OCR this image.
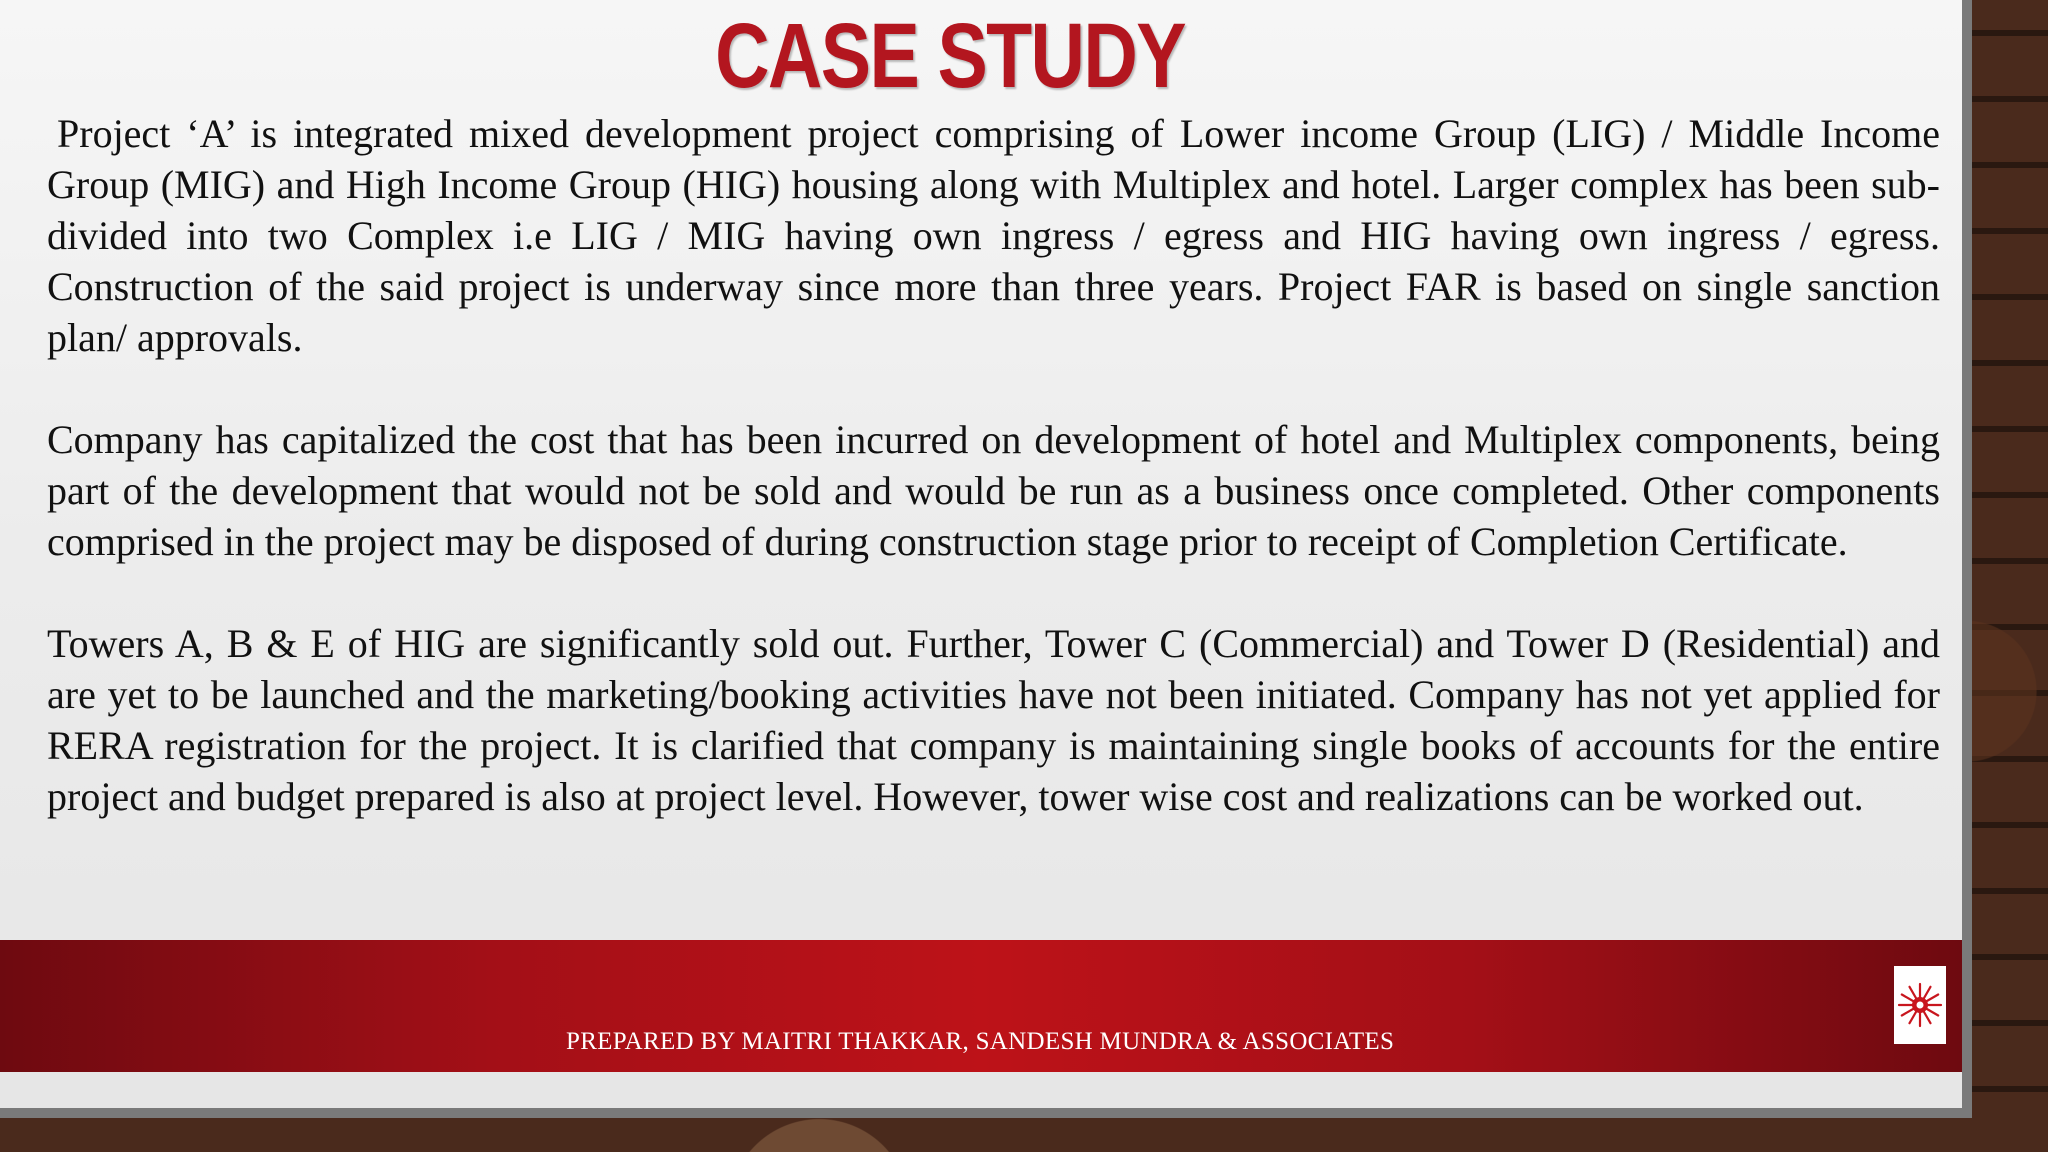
CASE STUDY

Project ‘A’ is integrated mixed development project comprising of Lower income Group (LIG) / Middle Income Group (MIG) and High Income Group (HIG) housing along with Multiplex and hotel. Larger complex has been sub-divided into two Complex i.e LIG / MIG having own ingress / egress and HIG having own ingress / egress. Construction of the said project is underway since more than three years. Project FAR is based on single sanction plan/ approvals.

Company has capitalized the cost that has been incurred on development of hotel and Multiplex components, being part of the development that would not be sold and would be run as a business once completed. Other components comprised in the project may be disposed of during construction stage prior to receipt of Completion Certificate.

Towers A, B & E of HIG are significantly sold out. Further, Tower C (Commercial) and Tower D (Residential) and are yet to be launched and the marketing/booking activities have not been initiated. Company has not yet applied for RERA registration for the project. It is clarified that company is maintaining single books of accounts for the entire project and budget prepared is also at project level. However, tower wise cost and realizations can be worked out.

PREPARED BY MAITRI THAKKAR, SANDESH MUNDRA & ASSOCIATES
